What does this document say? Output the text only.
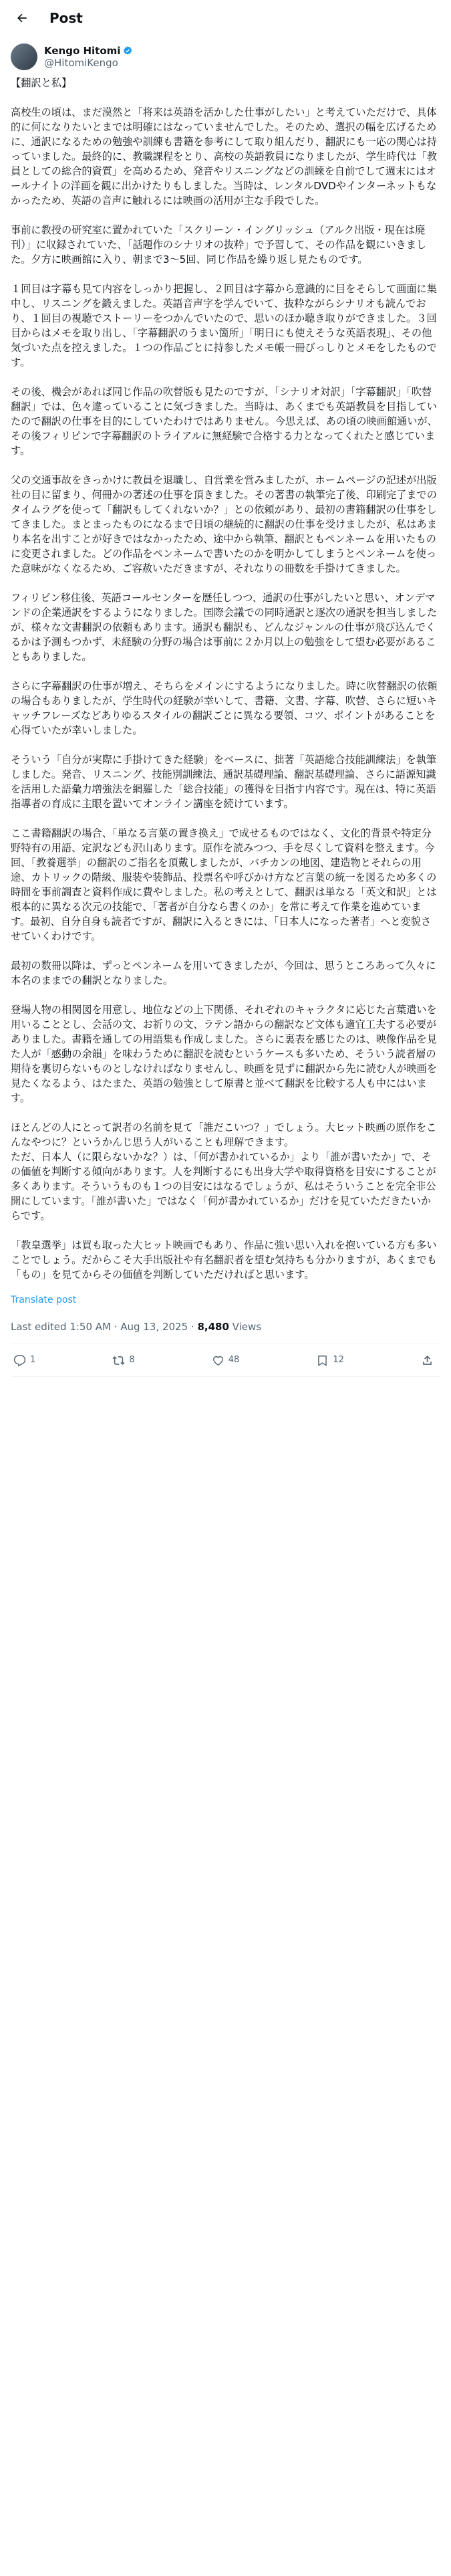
Post
Kengo Hitomi
@HitomiKengo
【翻訳と私】

高校生の頃は、まだ漠然と「将来は英語を活かした仕事がしたい」と考えていただけで、具体的に何になりたいとまでは明確にはなっていませんでした。そのため、選択の幅を広げるために、通訳になるための勉強や訓練も書籍を参考にして取り組んだり、翻訳にも一応の関心は持っていました。最終的に、教職課程をとり、高校の英語教員になりましたが、学生時代は「教員としての総合的資質」を高めるため、発音やリスニングなどの訓練を自前でして週末にはオールナイトの洋画を観に出かけたりもしました。当時は、レンタルDVDやインターネットもなかったため、英語の音声に触れるには映画の活用が主な手段でした。

事前に教授の研究室に置かれていた「スクリーン・イングリッシュ（アルク出版・現在は廃刊）」に収録されていた、「話題作のシナリオの抜粋」で予習して、その作品を観にいきました。夕方に映画館に入り、朝まで3〜5回、同じ作品を繰り返し見たものです。

１回目は字幕も見て内容をしっかり把握し、２回目は字幕から意識的に目をそらして画面に集中し、リスニングを鍛えました。英語音声字を学んでいて、抜粋ながらシナリオも読んでおり、１回目の視聴でストーリーをつかんでいたので、思いのほか聴き取りができました。３回目からはメモを取り出し、「字幕翻訳のうまい箇所」「明日にも使えそうな英語表現」、その他気づいた点を控えました。１つの作品ごとに持参したメモ帳一冊びっしりとメモをしたものです。

その後、機会があれば同じ作品の吹替版も見たのですが、「シナリオ対訳」「字幕翻訳」「吹替翻訳」では、色々違っていることに気づきました。当時は、あくまでも英語教員を目指していたので翻訳の仕事を目的にしていたわけではありません。今思えば、あの頃の映画館通いが、その後フィリピンで字幕翻訳のトライアルに無経験で合格する力となってくれたと感じています。

父の交通事故をきっかけに教員を退職し、自営業を営みましたが、ホームページの記述が出版社の目に留まり、何冊かの著述の仕事を頂きました。その著書の執筆完了後、印刷完了までのタイムラグを使って「翻訳もしてくれないか？」との依頼があり、最初の書籍翻訳の仕事をしてきました。まとまったものになるまで日頃の継続的に翻訳の仕事を受けましたが、私はあまり本名を出すことが好きではなかったため、途中から執筆、翻訳ともペンネームを用いたものに変更されました。どの作品をペンネームで書いたのかを明かしてしまうとペンネームを使った意味がなくなるため、ご容赦いただきますが、それなりの冊数を手掛けてきました。

フィリピン移住後、英語コールセンターを歴任しつつ、通訳の仕事がしたいと思い、オンデマンドの企業通訳をするようになりました。国際会議での同時通訳と逐次の通訳を担当しましたが、様々な文書翻訳の依頼もあります。通訳も翻訳も、どんなジャンルの仕事が飛び込んでくるかは予測もつかず、未経験の分野の場合は事前に２か月以上の勉強をして望む必要があることもありました。

さらに字幕翻訳の仕事が増え、そちらをメインにするようになりました。時に吹替翻訳の依頼の場合もありましたが、学生時代の経験が幸いして、書籍、文書、字幕、吹替、さらに短いキャッチフレーズなどありゆるスタイルの翻訳ごとに異なる要領、コツ、ポイントがあることを心得ていたが幸いしました。

そういう「自分が実際に手掛けてきた経験」をベースに、拙著「英語総合技能訓練法」を執筆しました。発音、リスニング、技能別訓練法、通訳基礎理論、翻訳基礎理論、さらに語源知識を活用した語彙力増強法を網羅した「総合技能」の獲得を目指す内容です。現在は、特に英語指導者の育成に主眼を置いてオンライン講座を続けています。

ここ書籍翻訳の場合、「単なる言葉の置き換え」で成せるものではなく、文化的背景や特定分野特有の用語、定訳なども沢山あります。原作を読みつつ、手を尽くして資料を整えます。今回、「教養選挙」の翻訳のご指名を頂戴しましたが、バチカンの地図、建造物とそれらの用途、カトリックの階級、服装や装飾品、投票名や呼びかけ方など言葉の統一を図るため多くの時間を事前調査と資料作成に費やしました。私の考えとして、翻訳は単なる「英文和訳」とは根本的に異なる次元の技能で、「著者が自分なら書くのか」を常に考えて作業を進めています。最初、自分自身も読者ですが、翻訳に入るときには、「日本人になった著者」へと変貌させていくわけです。

最初の数冊以降は、ずっとペンネームを用いてきましたが、今回は、思うところあって久々に本名のままでの翻訳となりました。

登場人物の相関図を用意し、地位などの上下関係、それぞれのキャラクタに応じた言葉遣いを用いることとし、会話の文、お祈りの文、ラテン語からの翻訳など文体も適宜工夫する必要がありました。書籍を通しての用語集も作成しました。さらに裏表を感じたのは、映像作品を見た人が「感動の余韻」を味わうために翻訳を読むというケースも多いため、そういう読者層の期待を裏切らないものとしなければなりませんし、映画を見ずに翻訳から先に読む人が映画を見たくなるよう、はたまた、英語の勉強として原書と並べて翻訳を比較する人も中にはいます。

ほとんどの人にとって訳者の名前を見て「誰だこいつ？」でしょう。大ヒット映画の原作をこんなやつに？というかんじ思う人がいることも理解できます。
ただ、日本人（に限らないかな？）は、「何が書かれているか」より「誰が書いたか」で、その価値を判断する傾向があります。人を判断するにも出身大学や取得資格を目安にすることが多くあります。そういうものも１つの目安にはなるでしょうが、私はそういうことを完全非公開にしています。「誰が書いた」ではなく「何が書かれているか」だけを見ていただきたいからです。

「教皇選挙」は買も取った大ヒット映画でもあり、作品に強い思い入れを抱いている方も多いことでしょう。だからこそ大手出版社や有名翻訳者を望む気持ちも分かりますが、あくまでも「もの」を見てからその価値を判断していただければと思います。

Translate post
Last edited 1:50 AM · Aug 13, 2025 · 8,480 Views
1	8	48	12
